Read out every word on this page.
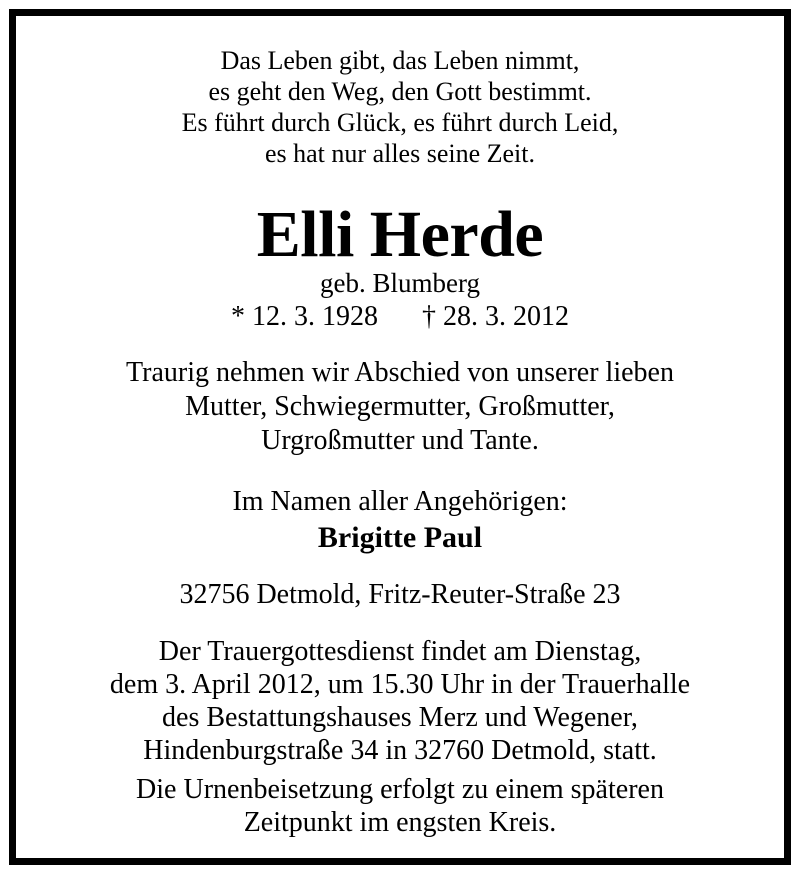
Das Leben gibt, das Leben nimmt,
es geht den Weg, den Gott bestimmt.
Es führt durch Glück, es führt durch Leid,
es hat nur alles seine Zeit.
Elli Herde
geb. Blumberg
* 12. 3. 1928 † 28. 3. 2012
Traurig nehmen wir Abschied von unserer lieben
Mutter, Schwiegermutter, Großmutter,
Urgroßmutter und Tante.
Im Namen aller Angehörigen:
Brigitte Paul
32756 Detmold, Fritz-Reuter-Straße 23
Der Trauergottesdienst findet am Dienstag,
dem 3. April 2012, um 15.30 Uhr in der Trauerhalle
des Bestattungshauses Merz und Wegener,
Hindenburgstraße 34 in 32760 Detmold, statt.
Die Urnenbeisetzung erfolgt zu einem späteren
Zeitpunkt im engsten Kreis.
